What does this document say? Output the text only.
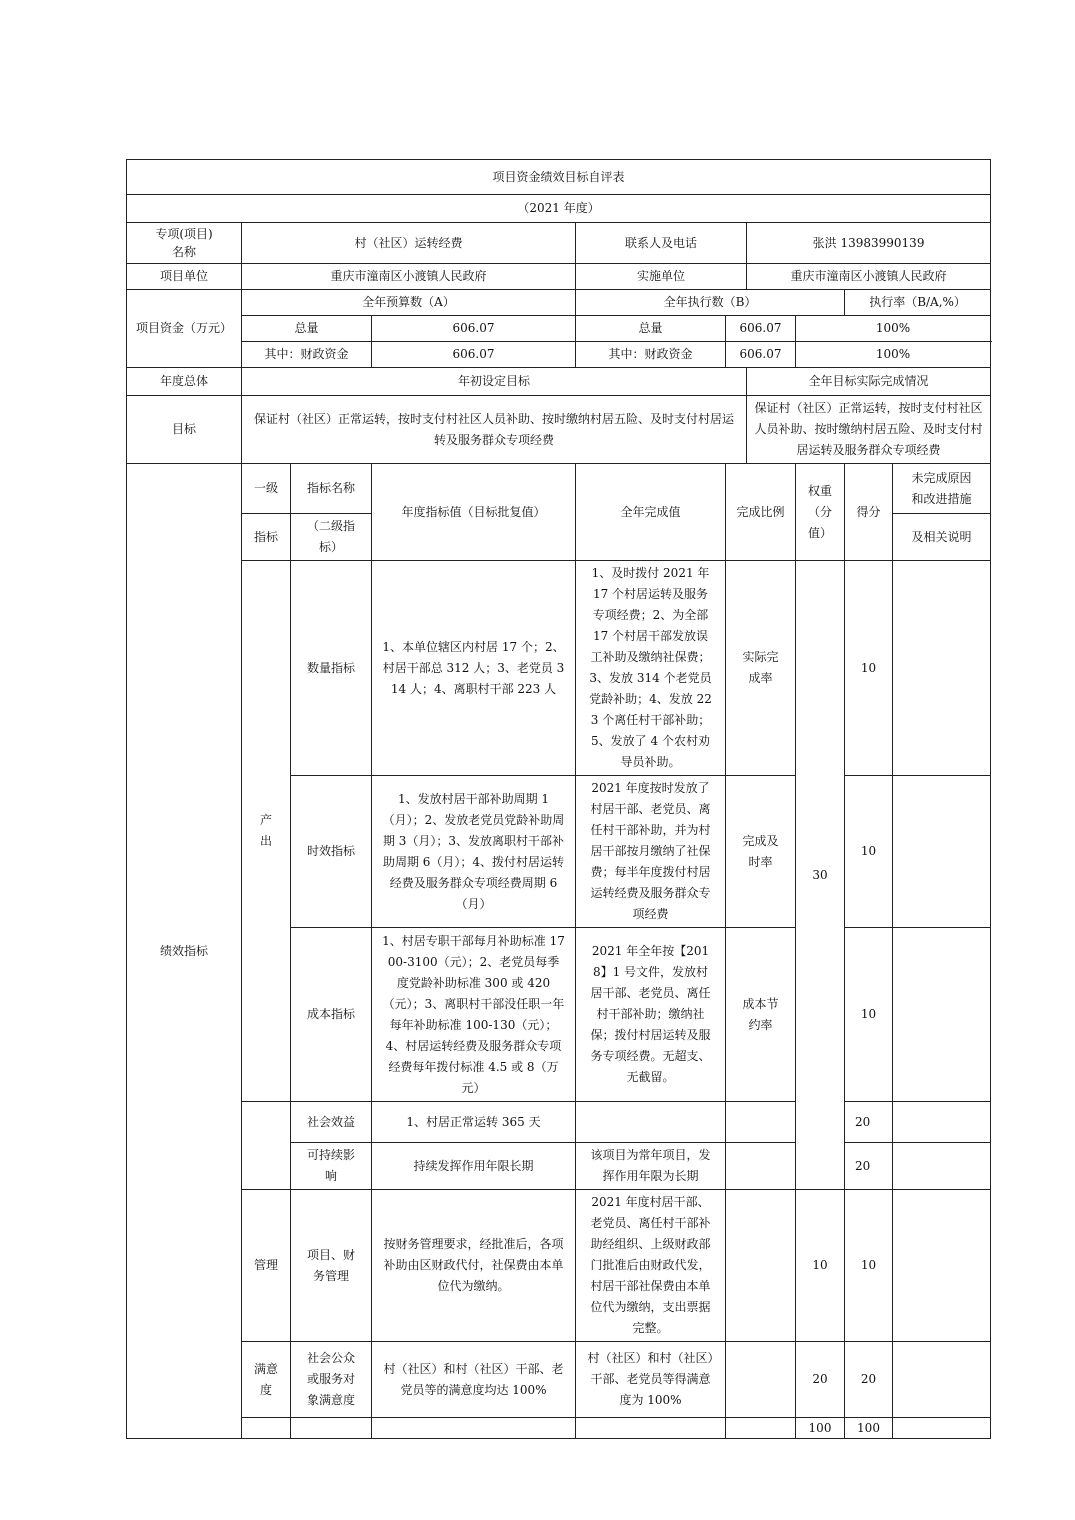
项目资金绩效目标自评表									
（2021 年度）									

专项(项目)
名称	村（社区）运转经费			联系人及电话		张洪 13983990139			
项目单位	重庆市潼南区小渡镇人民政府			实施单位		重庆市潼南区小渡镇人民政府			
项目资金（万元）	全年预算数（A）			全年执行数（B）				执行率（B/A,%）	
	总量		606.07	总量	606.07		100%		
	其中：财政资金		606.07	其中：财政资金	606.07		100%		
年度总体	年初设定目标					全年目标实际完成情况			
目标	保证村（社区）正常运转，按时支付村社区人员补助、按时缴纳村居五险、及时支付村居运转及服务群众专项经费					保证村（社区）正常运转，按时支付村社区人员补助、按时缴纳村居五险、及时支付村居运转及服务群众专项经费			
绩效指标	一级	指标名称	年度指标值（目标批复值）	全年完成值	完成比例		权重（分值）	得分	未完成原因和改进措施
	指标	（二级指标）							及相关说明
	产出	数量指标	1、本单位辖区内村居 17 个；2、村居干部总 312 人；3、老党员 314 人；4、离职村干部 223 人	1、及时拨付 2021 年 17 个村居运转及服务专项经费；2、为全部 17 个村居干部发放误工补助及缴纳社保费；3、发放 314 个老党员党龄补助；4、发放 223 个离任村干部补助；5、发放了 4 个农村劝导员补助。	实际完成率		30	10	
		时效指标	1、发放村居干部补助周期 1（月）；2、发放老党员党龄补助周期 3（月）；3、发放离职村干部补助周期 6（月）；4、拨付村居运转经费及服务群众专项经费周期 6（月）	2021 年度按时发放了村居干部、老党员、离任村干部补助，并为村居干部按月缴纳了社保费；每半年度拨付村居运转经费及服务群众专项经费	完成及时率			10	
		成本指标	1、村居专职干部每月补助标准 1700-3100（元）；2、老党员每季度党龄补助标准 300 或 420（元）；3、离职村干部没任职一年每年补助标准 100-130（元）；4、村居运转经费及服务群众专项经费每年拨付标准 4.5 或 8（万元）	2021 年全年按【2018】1 号文件，发放村居干部、老党员、离任村干部补助；缴纳社保；拨付村居运转及服务专项经费。无超支、无截留。	成本节约率			10	
		社会效益	1、村居正常运转 365 天					20	
		可持续影响	持续发挥作用年限长期	该项目为常年项目，发挥作用年限为长期				20	
	管理	项目、财务管理	按财务管理要求，经批准后，各项补助由区财政代付，社保费由本单位代为缴纳。	2021 年度村居干部、老党员、离任村干部补助经组织、上级财政部门批准后由财政代发，村居干部社保费由本单位代为缴纳，支出票据完整。			10	10	
	满意度	社会公众或服务对象满意度	村（社区）和村（社区）干部、老党员等的满意度均达 100%	村（社区）和村（社区）干部、老党员等得满意度为 100%			20	20	
							100	100	
